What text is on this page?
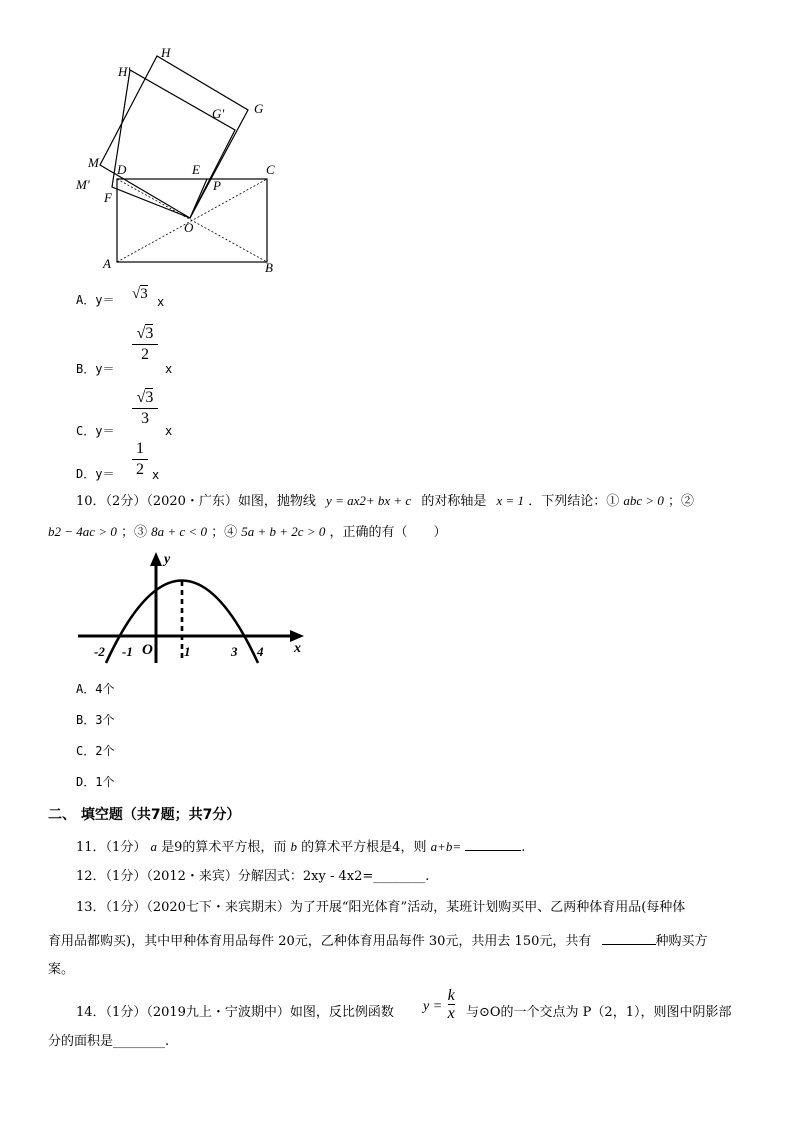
H
H'
G' G
M
M'
D	E	C
P
F
O
A	B
A．y＝ √3 x
B．y＝
√3
2
x
C．y＝
√3
3
x
D．y＝
1
2 x
10．（2分）（2020・广东）如图，抛物线 y = ax2+ bx + c 的对称轴是 x = 1 ．下列结论：① abc > 0 ；②
b2 − 4ac > 0 ；③ 8a + c < 0 ；④ 5a + b + 2c > 0 ，正确的有（　　）
y
x
O
-2 -1	1	3 4
A．4个
B．3个
C．2个
D．1个
二、 填空题（共7题；共7分）
11．（1分） a 是9的算术平方根，而 b 的算术平方根是4，则 a+b=	.
12．（1分）（2012・来宾）分解因式：2xy - 4x2=________.
13．（1分）（2020七下・来宾期末）为了开展“阳光体育”活动，某班计划购买甲、乙两种体育用品(每种体
育用品都购买)，其中甲种体育用品每件 20元，乙种体育用品每件 30元，共用去 150元，共有	种购买方
案。
14．（1分）（2019九上・宁波期中）如图，反比例函数 $y = \frac{k}{x}$ 与⊙O的一个交点为 P（2，1），则图中阴影部
分的面积是________.
